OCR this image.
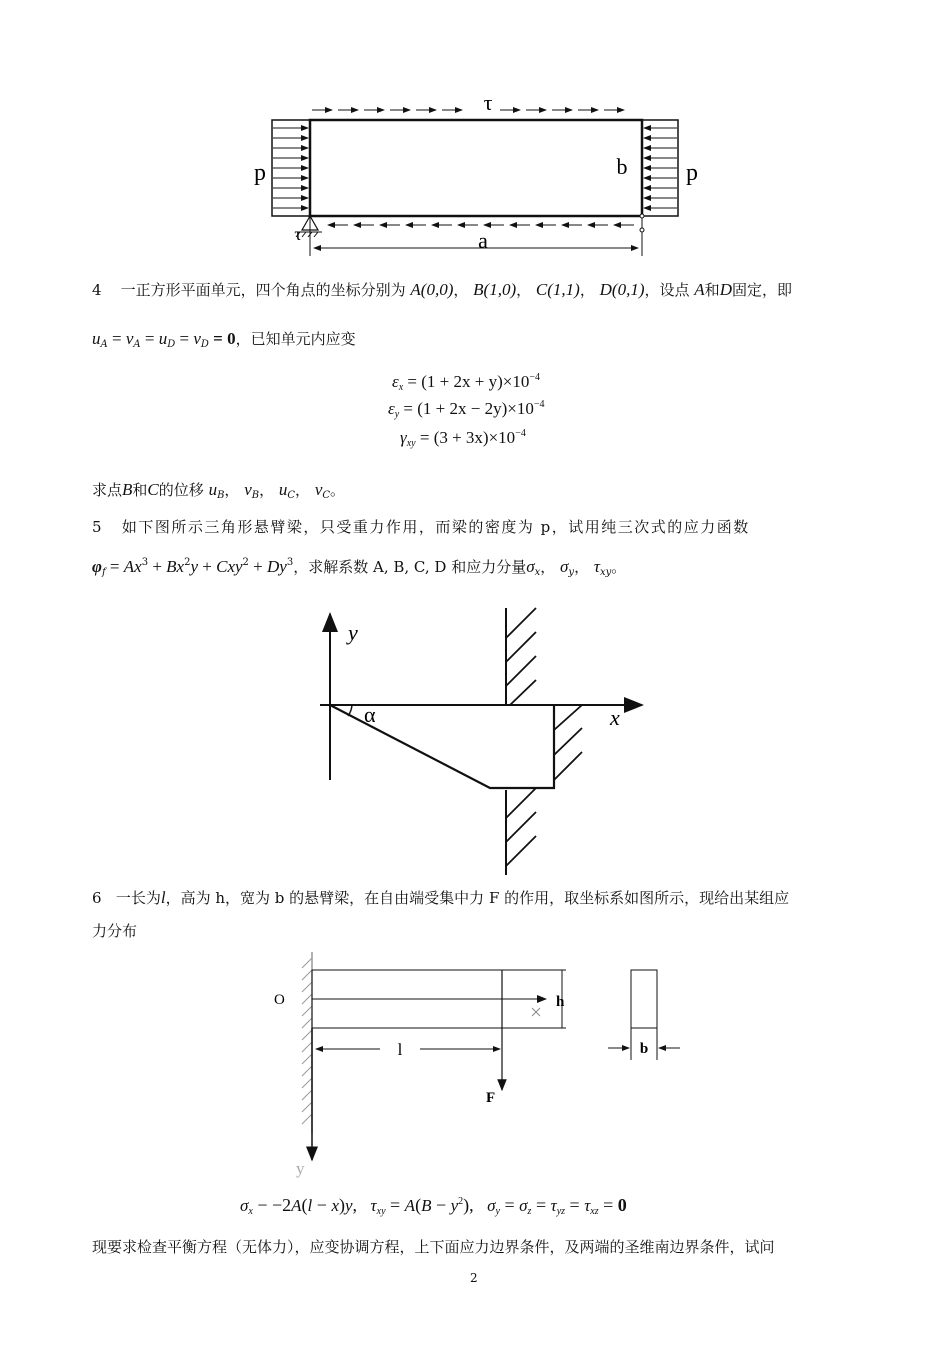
τ
p	p
b
a
τ
4 一正方形平面单元，四个角点的坐标分别为 A(0,0)， B(1,0)， C(1,1)， D(0,1)，设点 A和D固定，即
$u_A = v_A = u_D = v_D = 0$，已知单元内应变
$\varepsilon_x = (1 + 2x + y)\times 10^{-4}$
$\varepsilon_y = (1 + 2x - 2y)\times 10^{-4}$
$\gamma_{xy} = (3 + 3x)\times 10^{-4}$
求点B和C的位移 $u_B$， $v_B$， $u_C$， $v_C$。
5 如下图所示三角形悬臂梁，只受重力作用，而梁的密度为 p，试用纯三次式的应力函数
$\varphi_f = Ax^3 + Bx^2y + Cxy^2 + Dy^3$，求解系数 A, B, C, D 和应力分量$\sigma_x$， $\sigma_y$， $\tau_{xy}$。
y
x
α
6 一长为l，高为 h，宽为 b 的悬臂梁，在自由端受集中力 F 的作用，取坐标系如图所示，现给出某组应
力分布
O
l
h
F
y
b
$\sigma_x - -2A(l - x)y$,   $\tau_{xy} = A(B - y^2)$,   $\sigma_y = \sigma_z = \tau_{yz} = \tau_{xz} = 0$
现要求检查平衡方程（无体力），应变协调方程，上下面应力边界条件，及两端的圣维南边界条件，试问
2
